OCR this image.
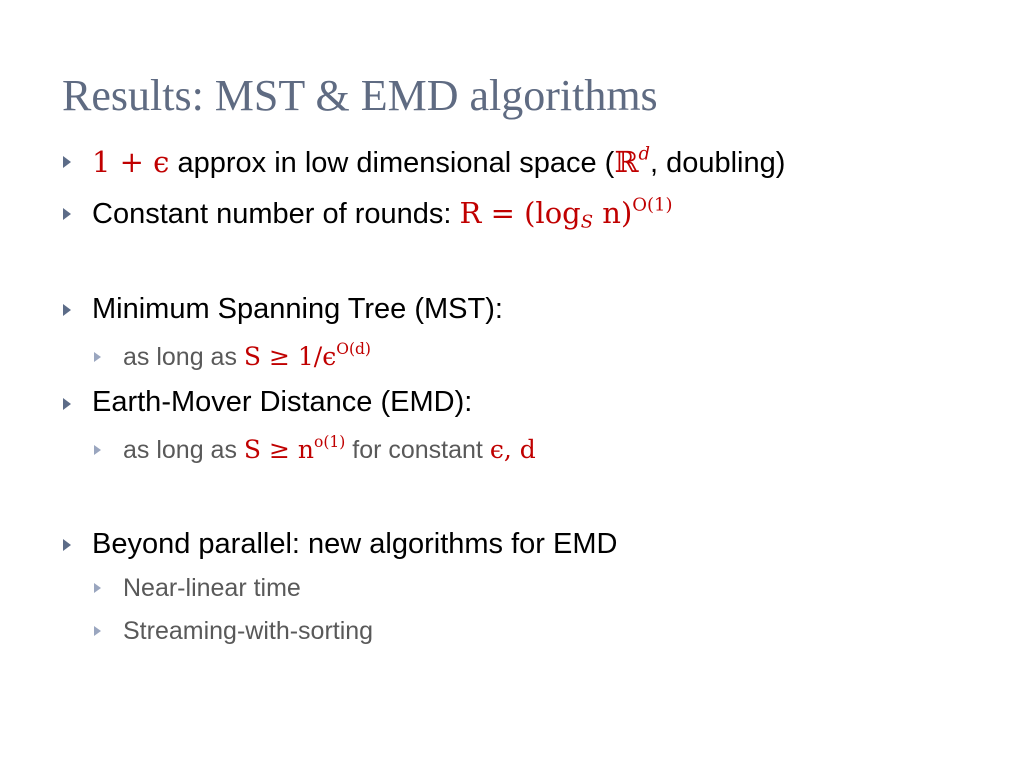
Results: MST & EMD algorithms
1 + ϵ approx in low dimensional space (ℝ$^d$, doubling)
Constant number of rounds: $R = (\log_S$ n)$^{O(1)}$
Minimum Spanning Tree (MST):
as long as $S \ge 1/\epsilon^{O(d)}$
Earth-Mover Distance (EMD):
as long as $S \ge n^{o(1)}$ for constant ϵ, d
Beyond parallel: new algorithms for EMD
Near-linear time
Streaming-with-sorting
